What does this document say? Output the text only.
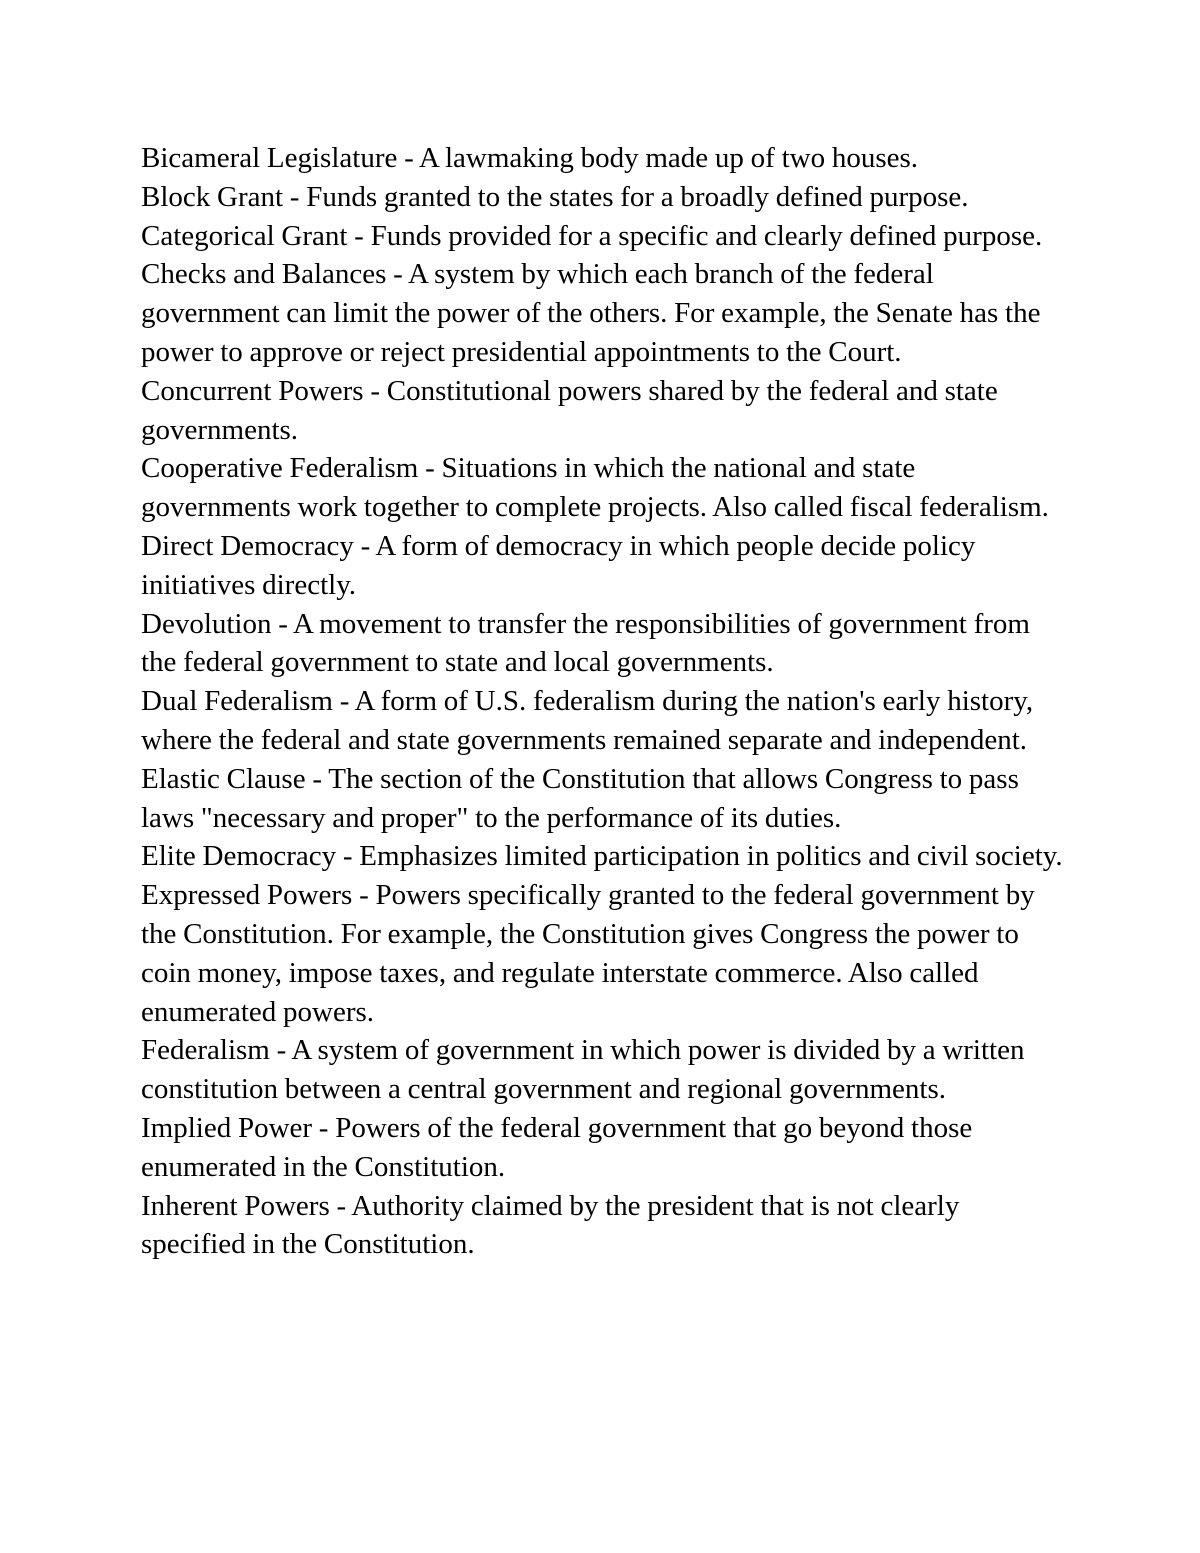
Bicameral Legislature - A lawmaking body made up of two houses.

Block Grant - Funds granted to the states for a broadly defined purpose.

Categorical Grant - Funds provided for a specific and clearly defined purpose.

Checks and Balances - A system by which each branch of the federal government can limit the power of the others. For example, the Senate has the power to approve or reject presidential appointments to the Court.

Concurrent Powers - Constitutional powers shared by the federal and state governments.

Cooperative Federalism - Situations in which the national and state governments work together to complete projects. Also called fiscal federalism.

Direct Democracy - A form of democracy in which people decide policy initiatives directly.

Devolution - A movement to transfer the responsibilities of government from the federal government to state and local governments.

Dual Federalism - A form of U.S. federalism during the nation's early history, where the federal and state governments remained separate and independent.

Elastic Clause - The section of the Constitution that allows Congress to pass laws "necessary and proper" to the performance of its duties.

Elite Democracy - Emphasizes limited participation in politics and civil society.

Expressed Powers - Powers specifically granted to the federal government by the Constitution. For example, the Constitution gives Congress the power to coin money, impose taxes, and regulate interstate commerce. Also called enumerated powers.

Federalism - A system of government in which power is divided by a written constitution between a central government and regional governments.

Implied Power - Powers of the federal government that go beyond those enumerated in the Constitution.

Inherent Powers - Authority claimed by the president that is not clearly specified in the Constitution.
